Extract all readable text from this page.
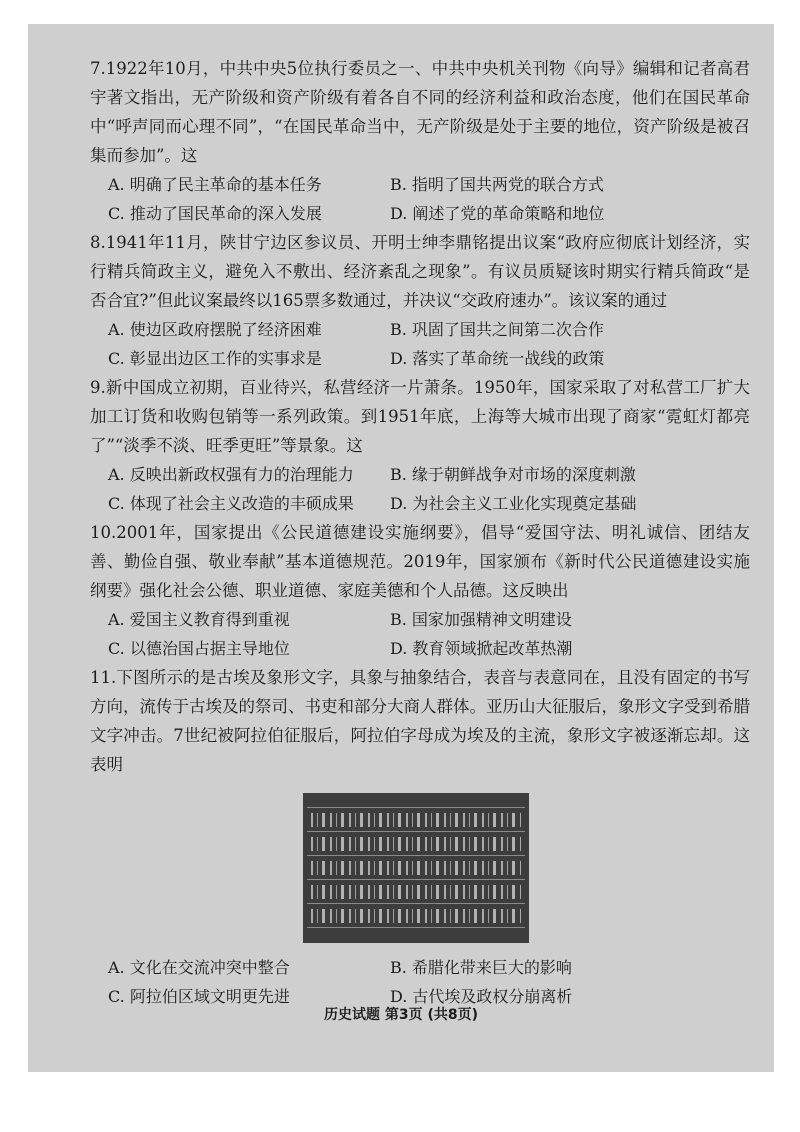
7.1922年10月，中共中央5位执行委员之一、中共中央机关刊物《向导》编辑和记者高君宇著文指出，无产阶级和资产阶级有着各自不同的经济利益和政治态度，他们在国民革命中“呼声同而心理不同”，“在国民革命当中，无产阶级是处于主要的地位，资产阶级是被召集而参加”。这

A. 明确了民主革命的基本任务	B. 指明了国共两党的联合方式
C. 推动了国民革命的深入发展	D. 阐述了党的革命策略和地位

8.1941年11月，陕甘宁边区参议员、开明士绅李鼎铭提出议案“政府应彻底计划经济，实行精兵简政主义，避免入不敷出、经济紊乱之现象”。有议员质疑该时期实行精兵简政“是否合宜?”但此议案最终以165票多数通过，并决议“交政府速办”。该议案的通过

A. 使边区政府摆脱了经济困难	B. 巩固了国共之间第二次合作
C. 彰显出边区工作的实事求是	D. 落实了革命统一战线的政策

9.新中国成立初期，百业待兴，私营经济一片萧条。1950年，国家采取了对私营工厂扩大加工订货和收购包销等一系列政策。到1951年底，上海等大城市出现了商家“霓虹灯都亮了”“淡季不淡、旺季更旺”等景象。这

A. 反映出新政权强有力的治理能力	B. 缘于朝鲜战争对市场的深度刺激
C. 体现了社会主义改造的丰硕成果	D. 为社会主义工业化实现奠定基础

10.2001年，国家提出《公民道德建设实施纲要》，倡导“爱国守法、明礼诚信、团结友善、勤俭自强、敬业奉献”基本道德规范。2019年，国家颁布《新时代公民道德建设实施纲要》强化社会公德、职业道德、家庭美德和个人品德。这反映出

A. 爱国主义教育得到重视	B. 国家加强精神文明建设
C. 以德治国占据主导地位	D. 教育领域掀起改革热潮

11.下图所示的是古埃及象形文字，具象与抽象结合，表音与表意同在，且没有固定的书写方向，流传于古埃及的祭司、书吏和部分大商人群体。亚历山大征服后，象形文字受到希腊文字冲击。7世纪被阿拉伯征服后，阿拉伯字母成为埃及的主流，象形文字被逐渐忘却。这表明

A. 文化在交流冲突中整合	B. 希腊化带来巨大的影响
C. 阿拉伯区域文明更先进	D. 古代埃及政权分崩离析
历史试题 第3页 (共8页)
